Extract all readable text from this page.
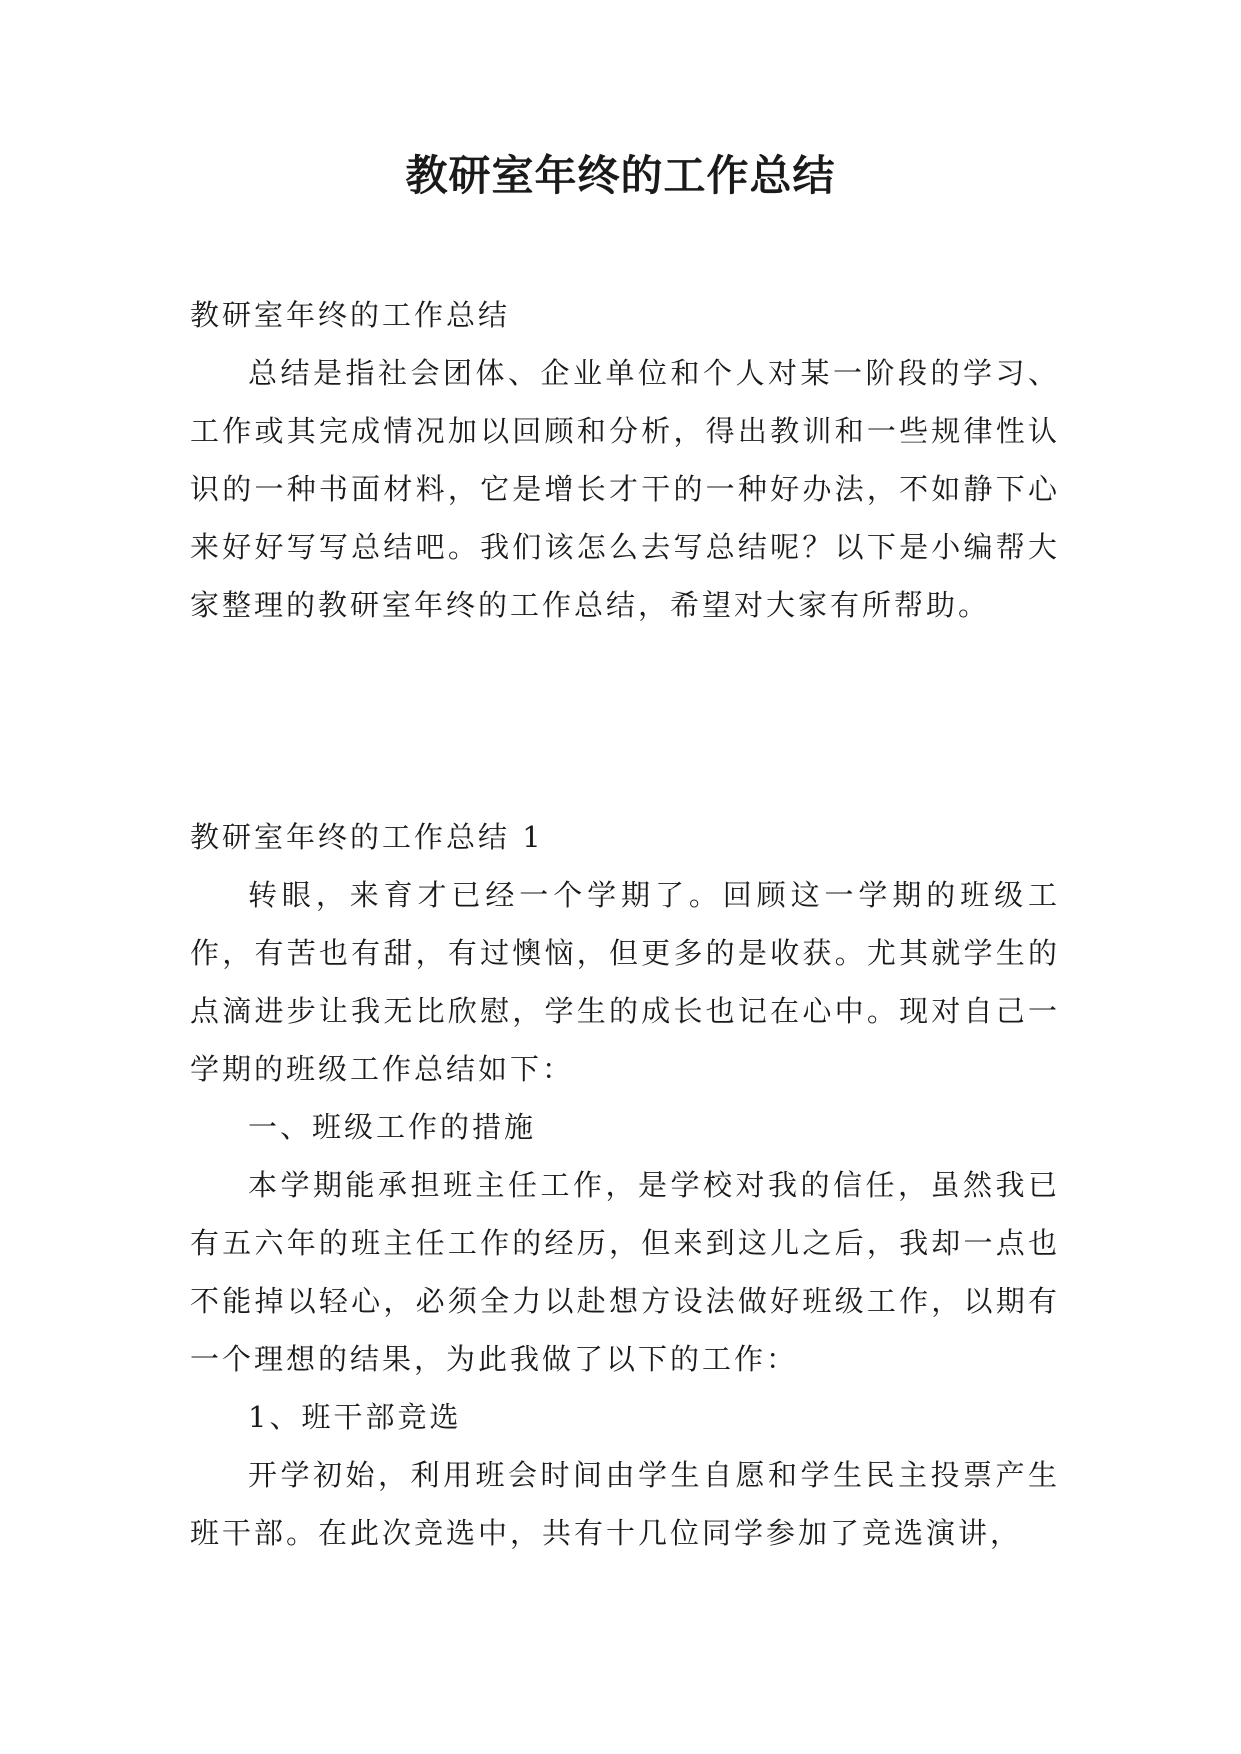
教研室年终的工作总结

教研室年终的工作总结

总结是指社会团体、企业单位和个人对某一阶段的学习、工作或其完成情况加以回顾和分析，得出教训和一些规律性认识的一种书面材料，它是增长才干的一种好办法，不如静下心来好好写写总结吧。我们该怎么去写总结呢？以下是小编帮大家整理的教研室年终的工作总结，希望对大家有所帮助。

教研室年终的工作总结 1

转眼，来育才已经一个学期了。回顾这一学期的班级工作，有苦也有甜，有过懊恼，但更多的是收获。尤其就学生的点滴进步让我无比欣慰，学生的成长也记在心中。现对自己一学期的班级工作总结如下：

一、班级工作的措施

本学期能承担班主任工作，是学校对我的信任，虽然我已有五六年的班主任工作的经历，但来到这儿之后，我却一点也不能掉以轻心，必须全力以赴想方设法做好班级工作，以期有一个理想的结果，为此我做了以下的工作：

1、班干部竞选

开学初始，利用班会时间由学生自愿和学生民主投票产生班干部。在此次竞选中，共有十几位同学参加了竞选演讲，
